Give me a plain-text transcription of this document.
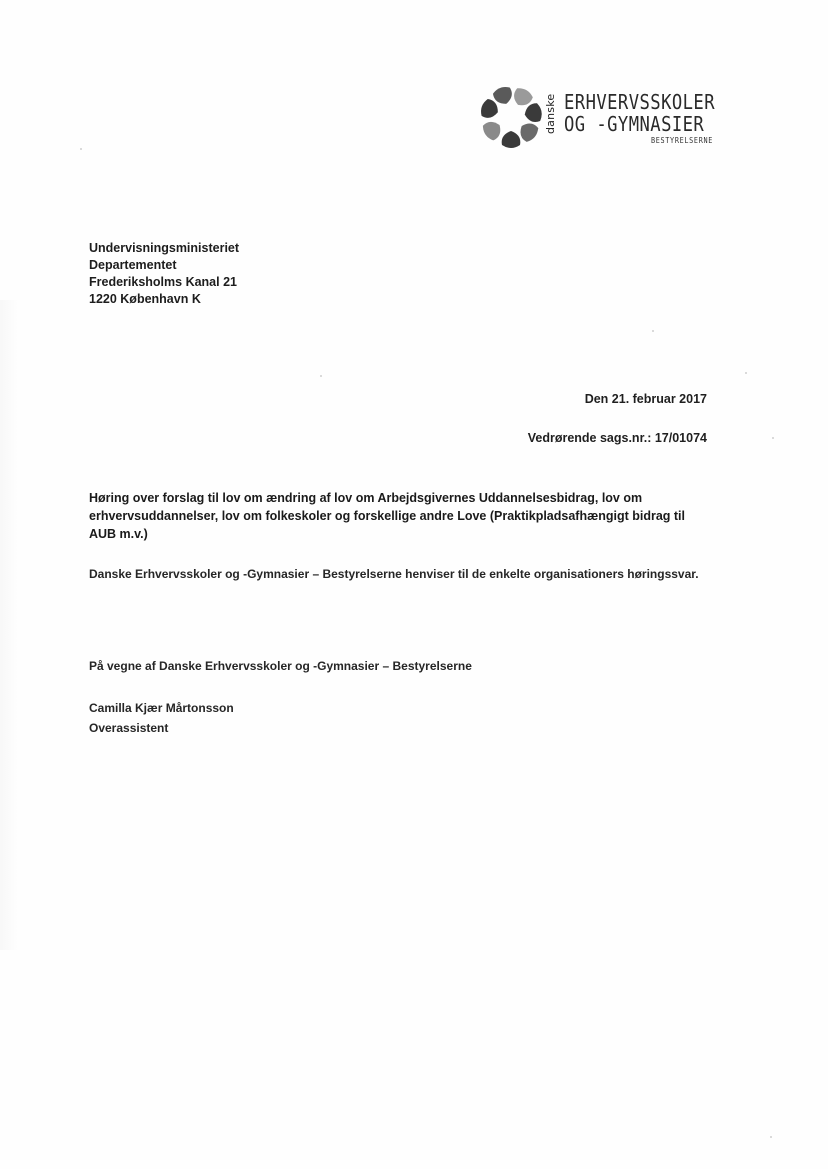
danske ERHVERVSSKOLER
OG -GYMNASIER
BESTYRELSERNE
Undervisningsministeriet
Departementet
Frederiksholms Kanal 21
1220 København K
Den 21. februar 2017
Vedrørende sags.nr.: 17/01074
Høring over forslag til lov om ændring af lov om Arbejdsgivernes Uddannelsesbidrag, lov om
erhvervsuddannelser, lov om folkeskoler og forskellige andre Love (Praktikpladsafhængigt bidrag til
AUB m.v.)
Danske Erhvervsskoler og -Gymnasier – Bestyrelserne henviser til de enkelte organisationers høringssvar.
På vegne af Danske Erhvervsskoler og -Gymnasier – Bestyrelserne
Camilla Kjær Mårtonsson
Overassistent
